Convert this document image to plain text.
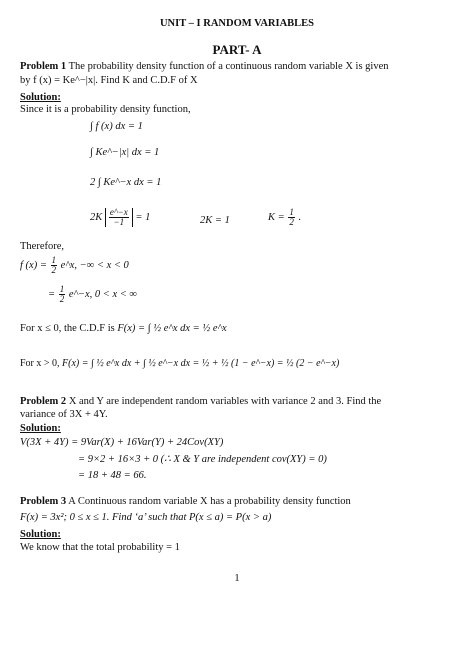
UNIT – I RANDOM VARIABLES
PART- A
Problem 1 The probability density function of a continuous random variable X is given
by f (x) = Ke^−|x|. Find K and C.D.F of X
Solution:
Since it is a probability density function,
∫ f (x) dx = 1
∫ Ke^−|x| dx = 1
2 ∫ Ke^−x dx = 1
$2K \frac{e\^{}-x}{-1} = 1$	2K = 1	$K = \frac{1}{2}$ .
Therefore,
f $(x) = \frac{1}{2}$ e^x, −∞ < x < 0
= $\frac{1}{2}$ e^−x, 0 < x < ∞
For x ≤ 0, the C.D.F is F(x) = ∫ ½ e^x dx = ½ e^x
For x > 0, F(x) = ∫ ½ e^x dx + ∫ ½ e^−x dx = ½ + ½ (1 − e^−x) = ½ (2 − e^−x)
Problem 2 X and Y are independent random variables with variance 2 and 3. Find the
variance of 3X + 4Y.
Solution:
V(3X + 4Y) = 9Var(X) + 16Var(Y) + 24Cov(XY)
= 9×2 + 16×3 + 0 (∴ X & Y are independent cov(XY) = 0)
= 18 + 48 = 66.
Problem 3 A Continuous random variable X has a probability density function
F(x) = 3x²; 0 ≤ x ≤ 1. Find ‘a’ such that P(x ≤ a) = P(x > a)
Solution:
We know that the total probability = 1
1
